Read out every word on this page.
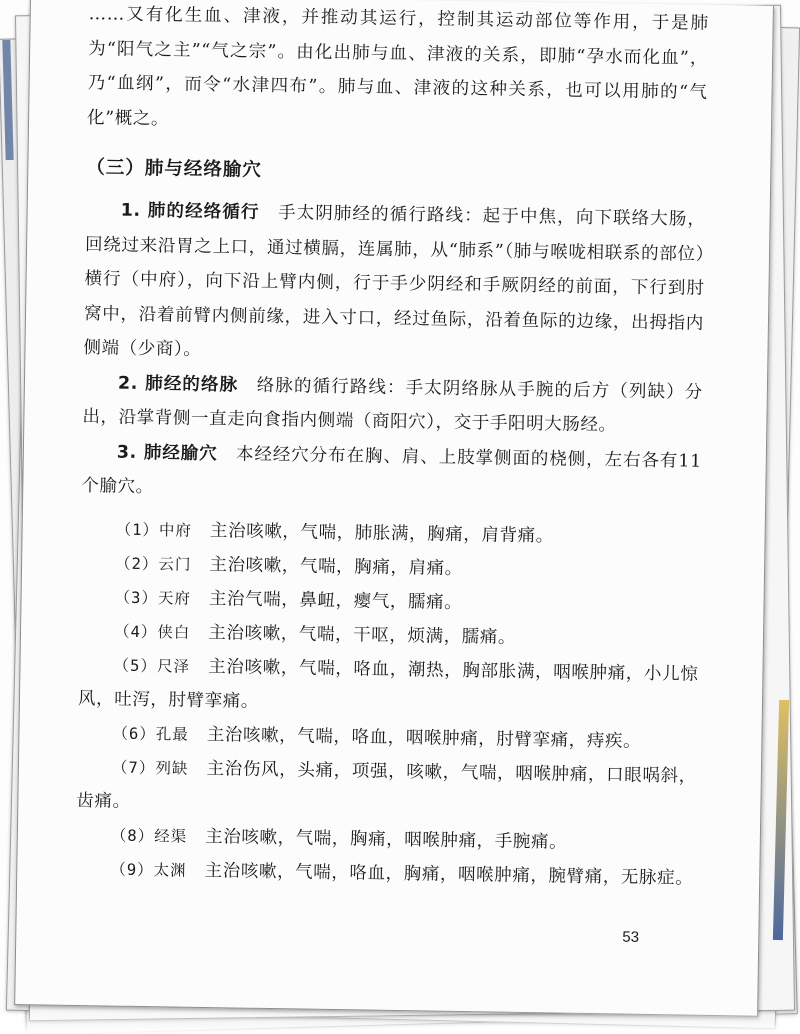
……又有化生血、津液，并推动其运行，控制其运动部位等作用，于是肺为“阳气之主”“气之宗”。由化出肺与血、津液的关系，即肺“孕水而化血”，乃“血纲”，而令“水津四布”。肺与血、津液的这种关系，也可以用肺的“气化”概之。

（三）肺与经络腧穴

1. 肺的经络循行 手太阴肺经的循行路线：起于中焦，向下联络大肠，回绕过来沿胃之上口，通过横膈，连属肺，从“肺系”（肺与喉咙相联系的部位）横行（中府），向下沿上臂内侧，行于手少阴经和手厥阴经的前面，下行到肘窝中，沿着前臂内侧前缘，进入寸口，经过鱼际，沿着鱼际的边缘，出拇指内侧端（少商）。

2. 肺经的络脉 络脉的循行路线：手太阴络脉从手腕的后方（列缺）分出，沿掌背侧一直走向食指内侧端（商阳穴），交于手阳明大肠经。

3. 肺经腧穴 本经经穴分布在胸、肩、上肢掌侧面的桡侧，左右各有11个腧穴。

（1）中府 主治咳嗽，气喘，肺胀满，胸痛，肩背痛。

（2）云门 主治咳嗽，气喘，胸痛，肩痛。

（3）天府 主治气喘，鼻衄，瘿气，臑痛。

（4）侠白 主治咳嗽，气喘，干呕，烦满，臑痛。

（5）尺泽 主治咳嗽，气喘，咯血，潮热，胸部胀满，咽喉肿痛，小儿惊风，吐泻，肘臂挛痛。

（6）孔最 主治咳嗽，气喘，咯血，咽喉肿痛，肘臂挛痛，痔疾。

（7）列缺 主治伤风，头痛，项强，咳嗽，气喘，咽喉肿痛，口眼㖞斜，齿痛。

（8）经渠 主治咳嗽，气喘，胸痛，咽喉肿痛，手腕痛。

（9）太渊 主治咳嗽，气喘，咯血，胸痛，咽喉肿痛，腕臂痛，无脉症。

53
